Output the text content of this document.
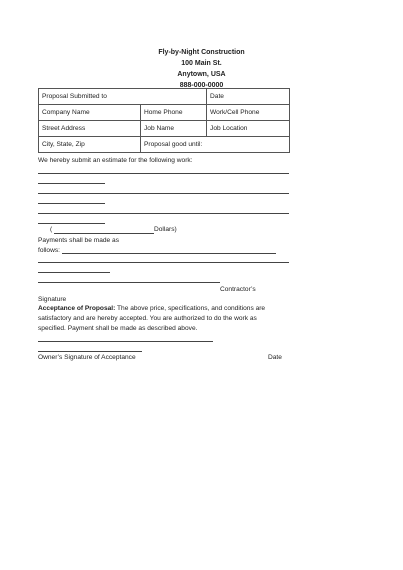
Fly-by-Night Construction
100 Main St.
Anytown, USA
888-000-0000
Proposal Submitted to		Date
Company Name	Home Phone	Work/Cell Phone
Street Address	Job Name	Job Location
City, State, Zip	Proposal good until:	
We hereby submit an estimate for the following work:
(	Dollars)
Payments shall be made as
follows:
Contractor’s
Signature
Acceptance of Proposal: The above price, specifications, and conditions are
satisfactory and are hereby accepted. You are authorized to do the work as
specified. Payment shall be made as described above.
Owner’s Signature of Acceptance	Date
